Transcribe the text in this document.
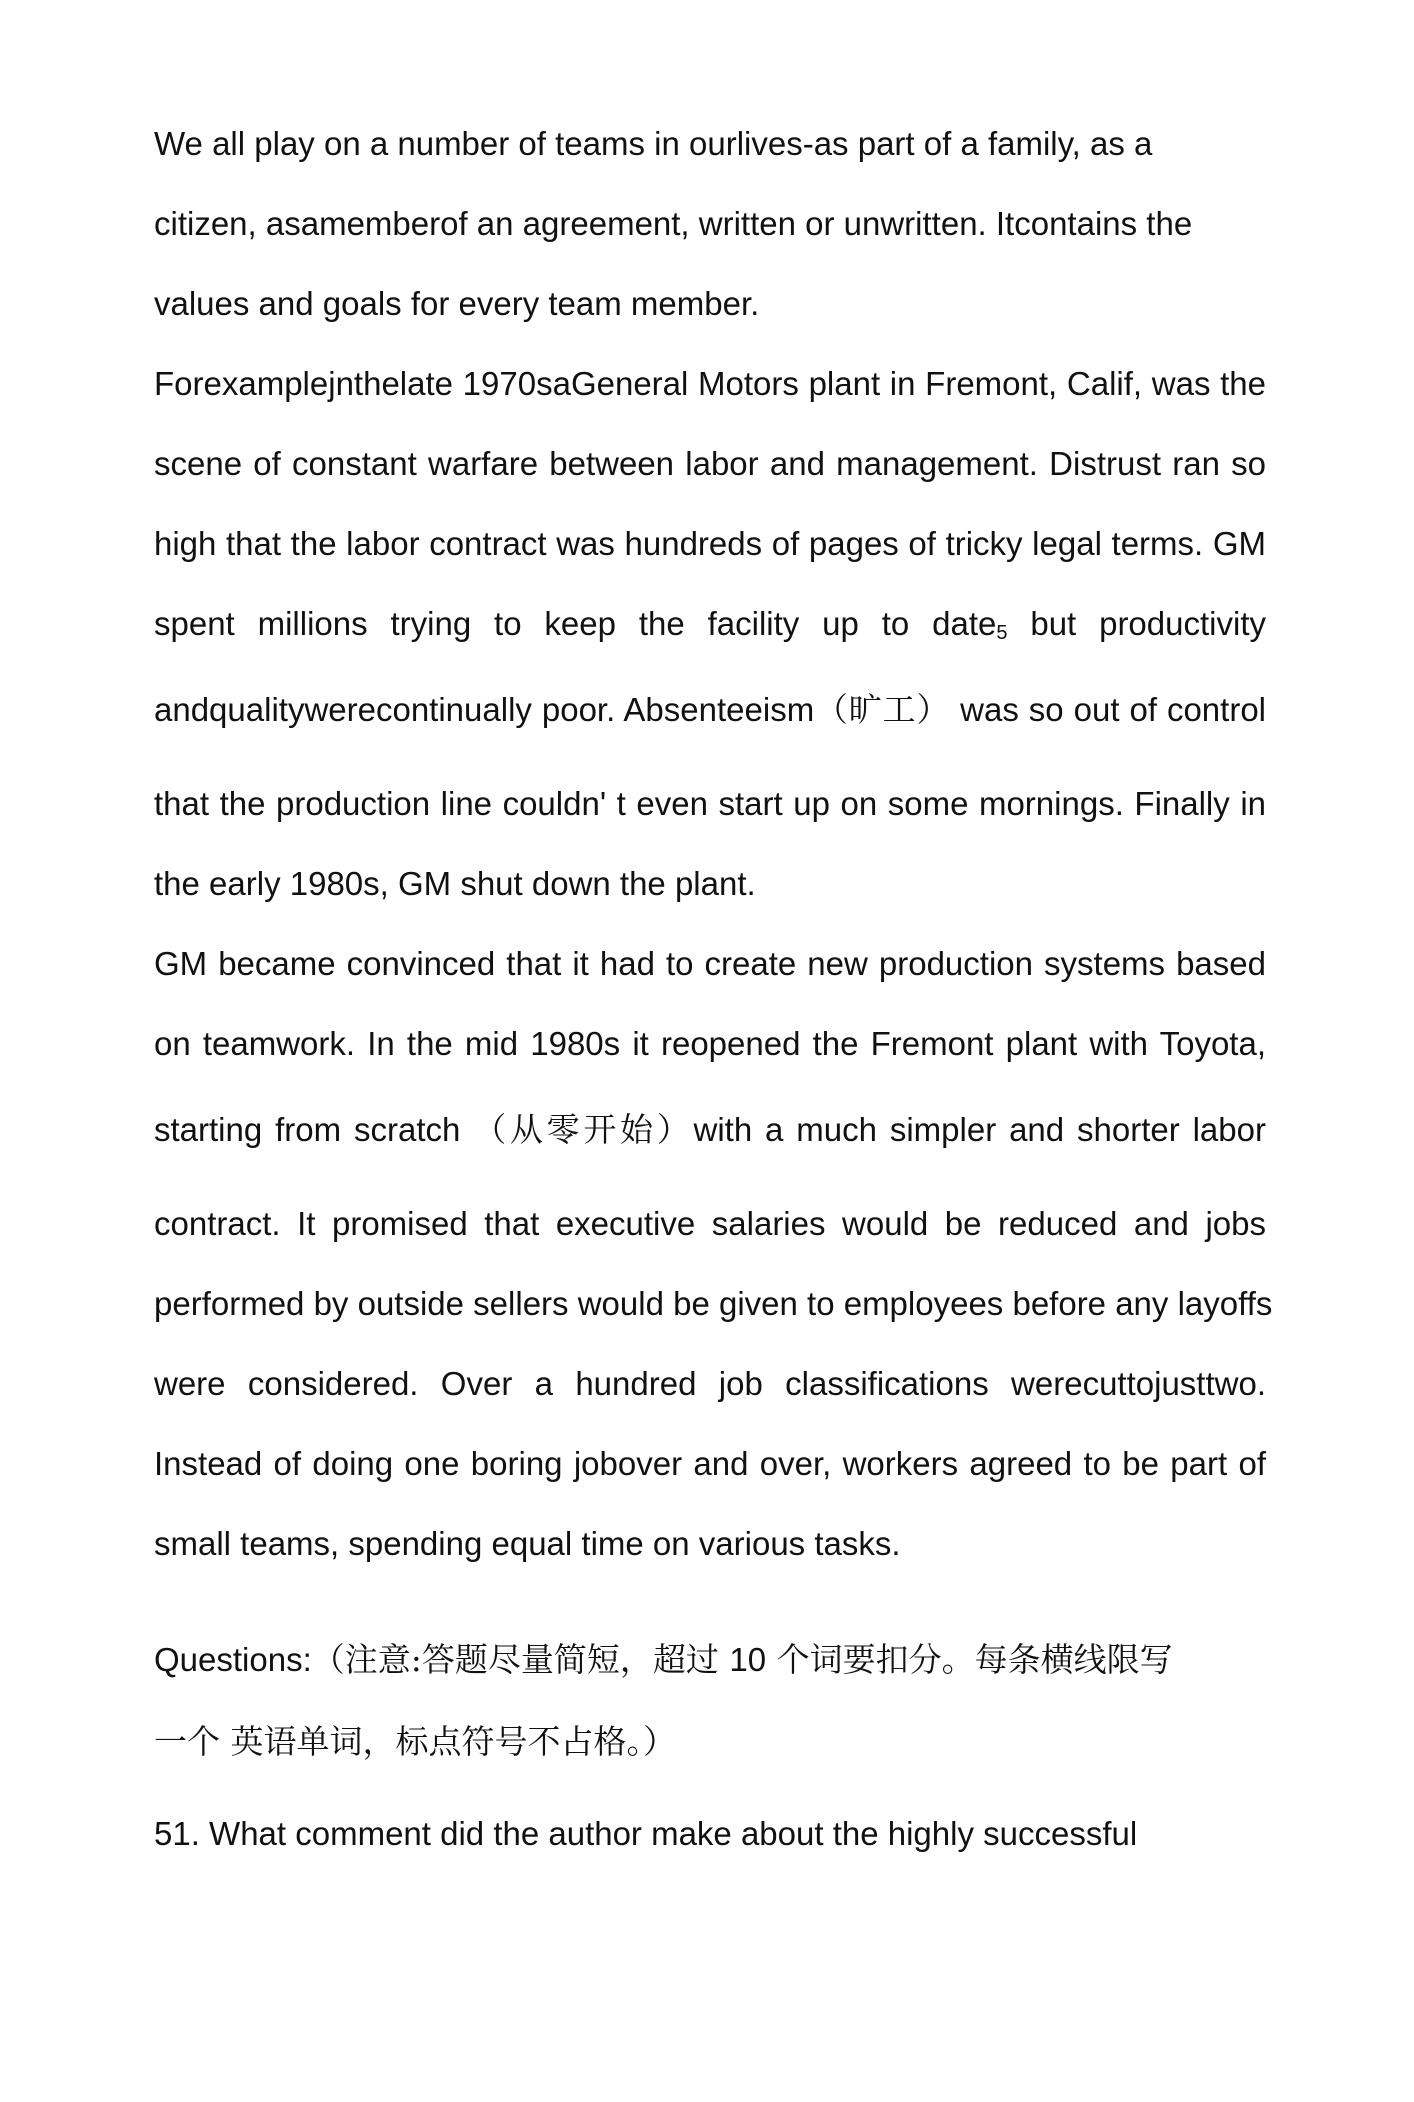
We all play on a number of teams in ourlives-as part of a family, as a
citizen, asamemberof an agreement, written or unwritten. Itcontains the
values and goals for every team member.
Forexamplejnthelate 1970saGeneral Motors plant in Fremont, Calif, was the
scene of constant warfare between labor and management. Distrust ran so
high that the labor contract was hundreds of pages of tricky legal terms. GM
spent millions trying to keep the facility up to date$_5$ but productivity
andqualitywerecontinually poor. Absenteeism（旷工） was so out of control
that the production line couldn' t even start up on some mornings. Finally in
the early 1980s, GM shut down the plant.
GM became convinced that it had to create new production systems based
on teamwork. In the mid 1980s it reopened the Fremont plant with Toyota,
starting from scratch （从零开始）with a much simpler and shorter labor
contract. It promised that executive salaries would be reduced and jobs
performed by outside sellers would be given to employees before any layoffs
were considered. Over a hundred job classifications werecuttojusttwo.
Instead of doing one boring jobover and over, workers agreed to be part of
small teams, spending equal time on various tasks.
Questions:（注意:答题尽量简短，超过 10 个词要扣分。每条横线限写
一个 英语单词，标点符号不占格。）
51. What comment did the author make about the highly successful
